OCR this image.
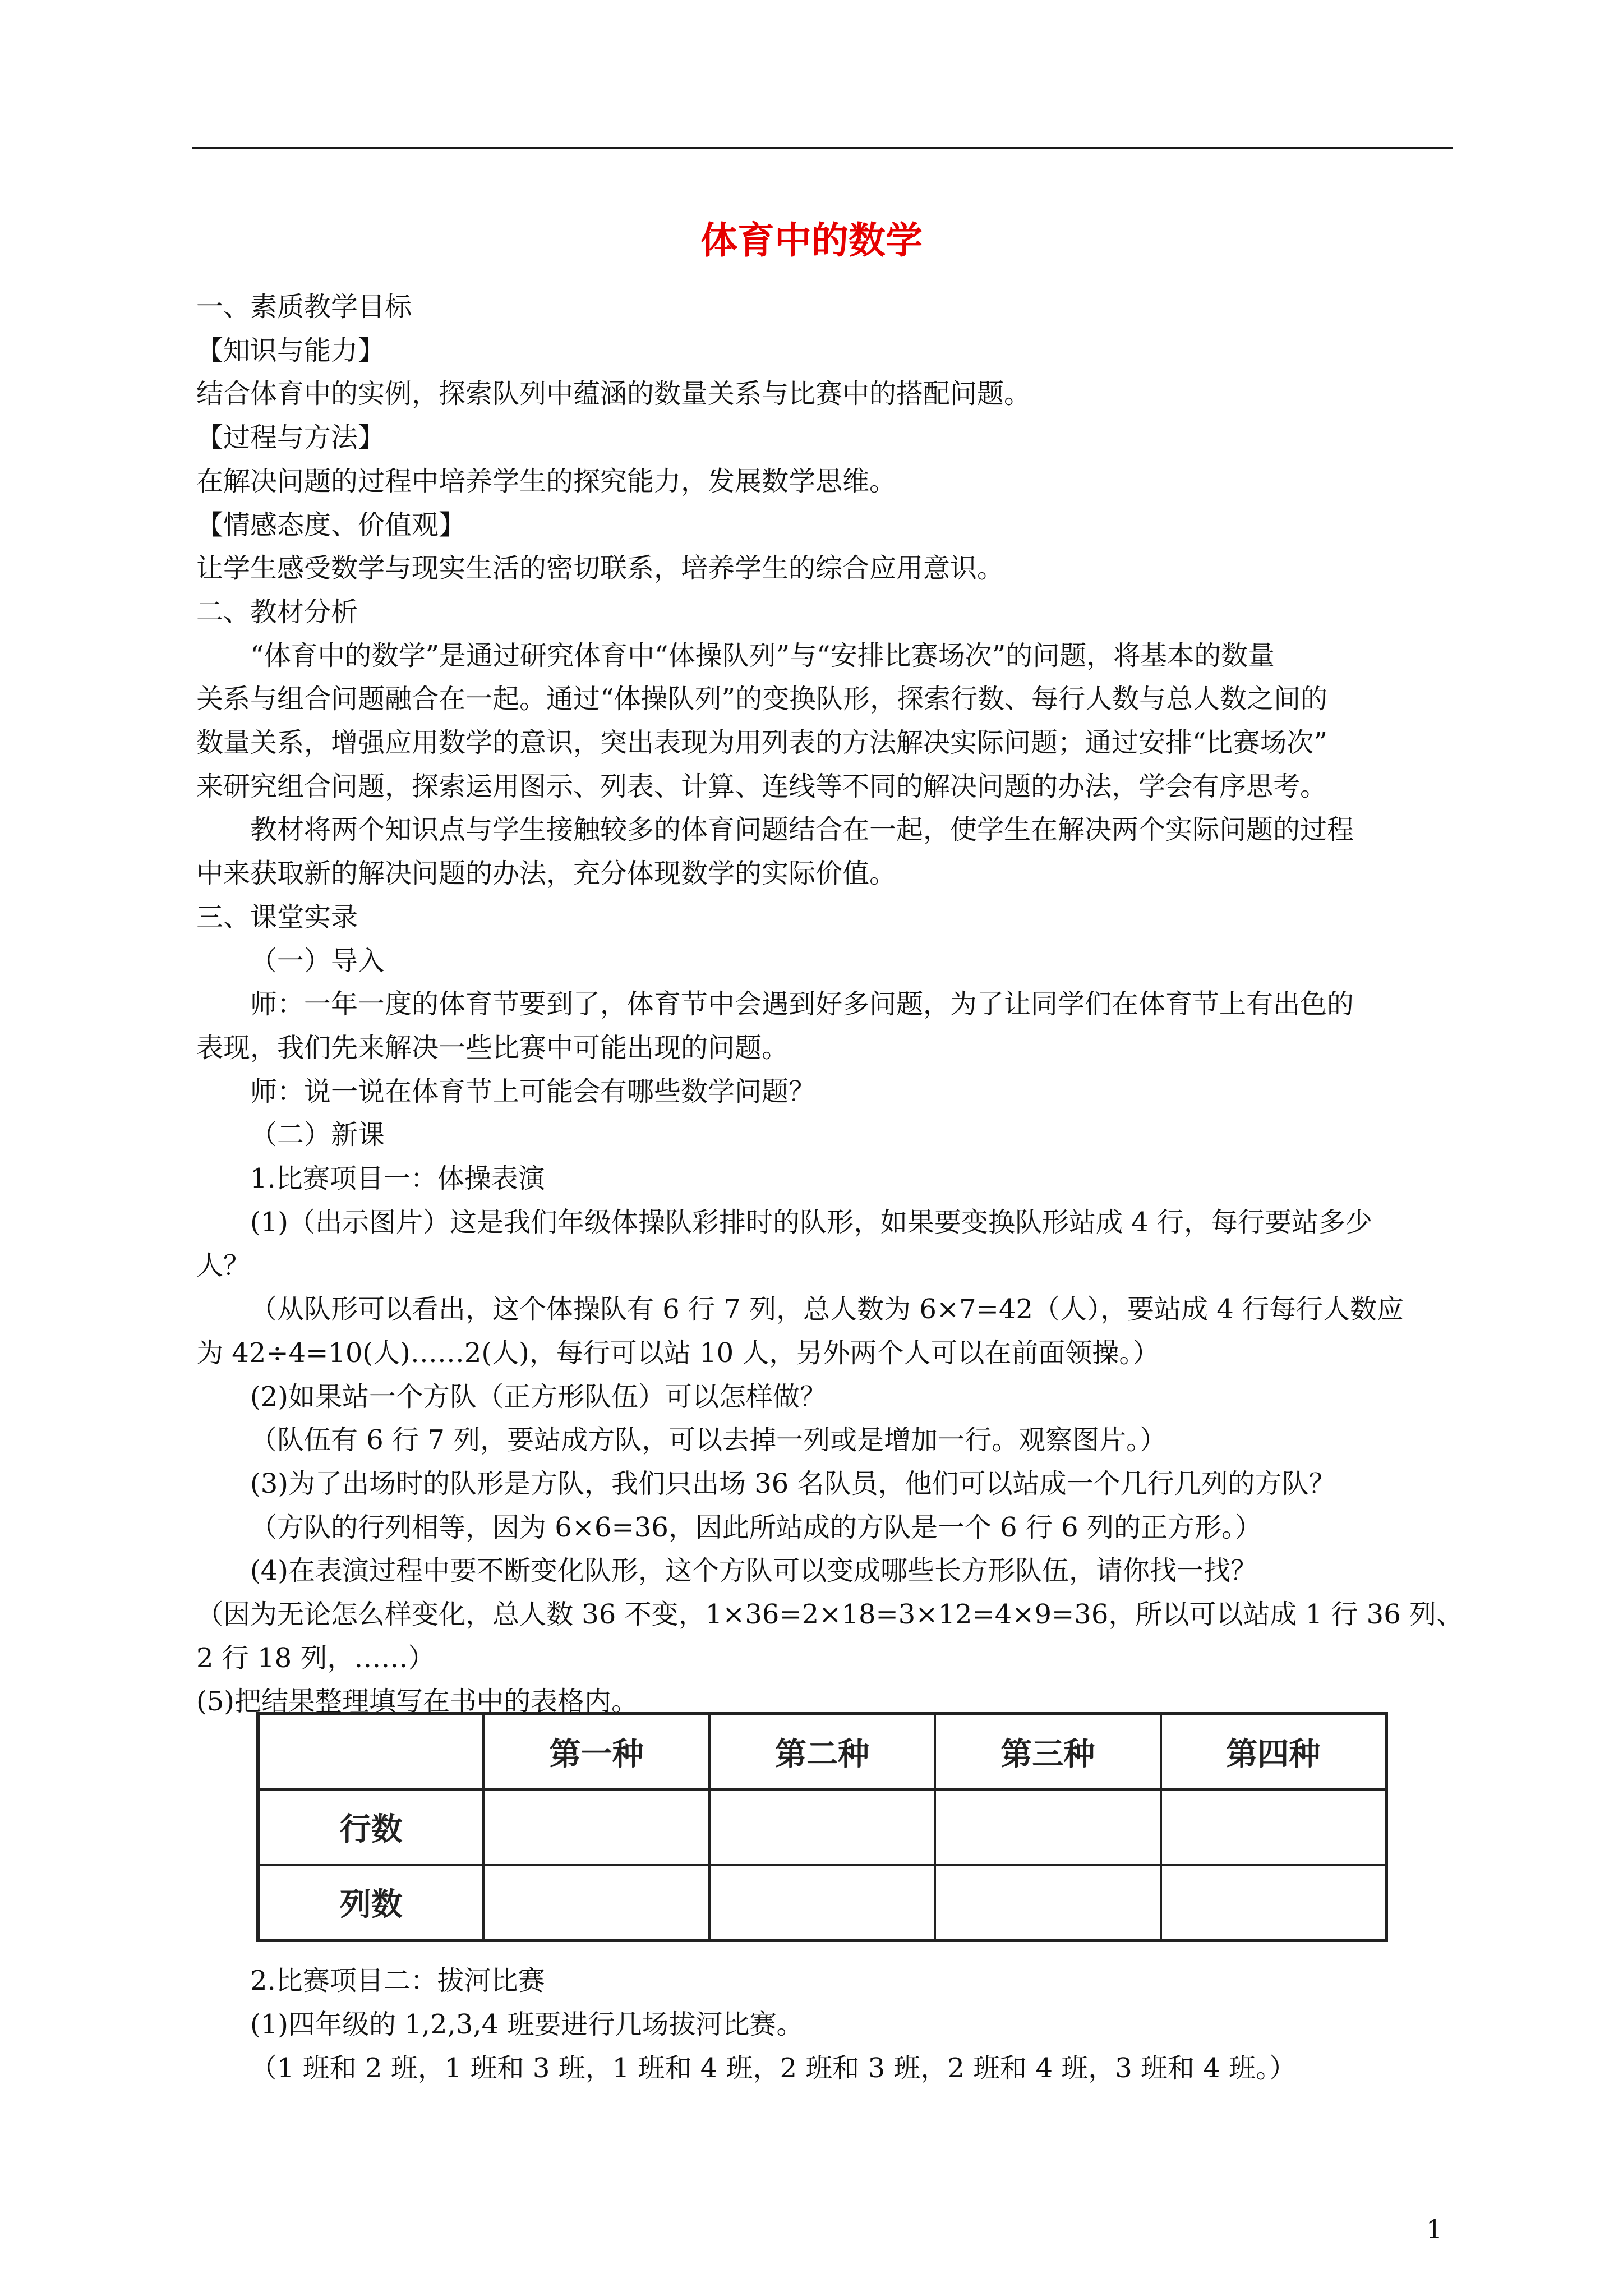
体育中的数学
一、素质教学目标
【知识与能力】
结合体育中的实例，探索队列中蕴涵的数量关系与比赛中的搭配问题。
【过程与方法】
在解决问题的过程中培养学生的探究能力，发展数学思维。
【情感态度、价值观】
让学生感受数学与现实生活的密切联系，培养学生的综合应用意识。
二、教材分析
“体育中的数学”是通过研究体育中“体操队列”与“安排比赛场次”的问题，将基本的数量
关系与组合问题融合在一起。通过“体操队列”的变换队形，探索行数、每行人数与总人数之间的
数量关系，增强应用数学的意识，突出表现为用列表的方法解决实际问题；通过安排“比赛场次”
来研究组合问题，探索运用图示、列表、计算、连线等不同的解决问题的办法，学会有序思考。
教材将两个知识点与学生接触较多的体育问题结合在一起，使学生在解决两个实际问题的过程
中来获取新的解决问题的办法，充分体现数学的实际价值。
三、课堂实录
（一）导入
师：一年一度的体育节要到了，体育节中会遇到好多问题，为了让同学们在体育节上有出色的
表现，我们先来解决一些比赛中可能出现的问题。
师：说一说在体育节上可能会有哪些数学问题？
（二）新课
1.比赛项目一：体操表演
(1)（出示图片）这是我们年级体操队彩排时的队形，如果要变换队形站成 4 行，每行要站多少
人？
（从队形可以看出，这个体操队有 6 行 7 列，总人数为 6×7=42（人），要站成 4 行每行人数应
为 42÷4=10(人)……2(人)，每行可以站 10 人，另外两个人可以在前面领操。）
(2)如果站一个方队（正方形队伍）可以怎样做？
（队伍有 6 行 7 列，要站成方队，可以去掉一列或是增加一行。观察图片。）
(3)为了出场时的队形是方队，我们只出场 36 名队员，他们可以站成一个几行几列的方队？
（方队的行列相等，因为 6×6=36，因此所站成的方队是一个 6 行 6 列的正方形。）
(4)在表演过程中要不断变化队形，这个方队可以变成哪些长方形队伍，请你找一找？
（因为无论怎么样变化，总人数 36 不变，1×36=2×18=3×12=4×9=36，所以可以站成 1 行 36 列、
2 行 18 列，……）
(5)把结果整理填写在书中的表格内。
	第一种	第二种	第三种	第四种
行数				
列数				
2.比赛项目二：拔河比赛
(1)四年级的 1,2,3,4 班要进行几场拔河比赛。
（1 班和 2 班，1 班和 3 班，1 班和 4 班，2 班和 3 班，2 班和 4 班，3 班和 4 班。）
1
